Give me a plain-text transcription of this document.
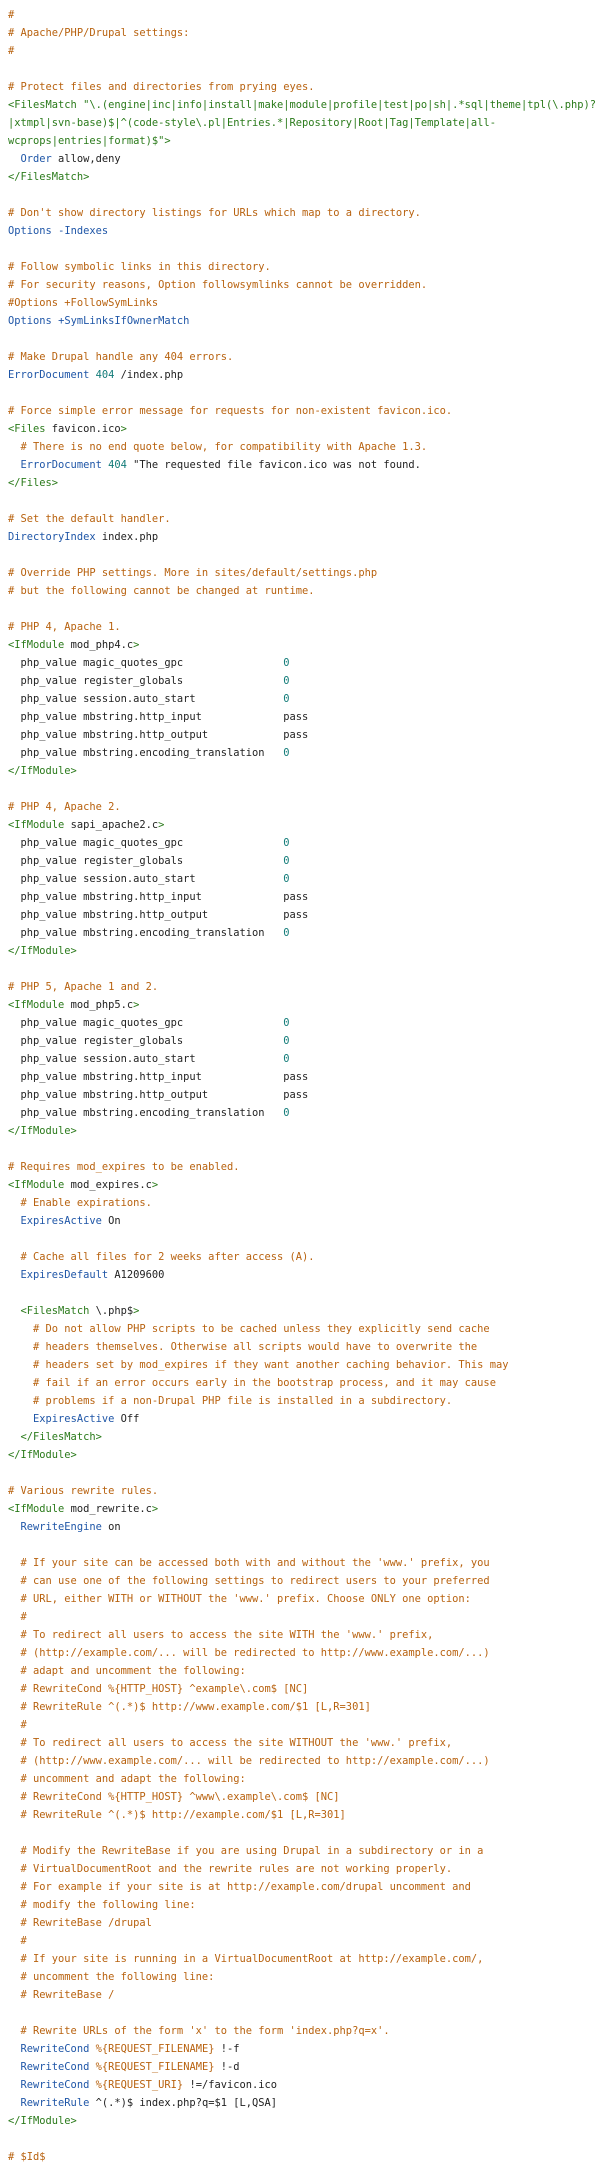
#
# Apache/PHP/Drupal settings:
#

# Protect files and directories from prying eyes.
<FilesMatch "\.(engine|inc|info|install|make|module|profile|test|po|sh|.*sql|theme|tpl(\.php)?
|xtmpl|svn-base)$|^(code-style\.pl|Entries.*|Repository|Root|Tag|Template|all-
wcprops|entries|format)$">
Order allow,deny
</FilesMatch>

# Don't show directory listings for URLs which map to a directory.
Options -Indexes

# Follow symbolic links in this directory.
# For security reasons, Option followsymlinks cannot be overridden.
#Options +FollowSymLinks
Options +SymLinksIfOwnerMatch

# Make Drupal handle any 404 errors.
ErrorDocument 404 /index.php

# Force simple error message for requests for non-existent favicon.ico.
<Files favicon.ico>
# There is no end quote below, for compatibility with Apache 1.3.
ErrorDocument 404 "The requested file favicon.ico was not found.
</Files>

# Set the default handler.
DirectoryIndex index.php

# Override PHP settings. More in sites/default/settings.php
# but the following cannot be changed at runtime.

# PHP 4, Apache 1.
<IfModule mod_php4.c>
php_value magic_quotes_gpc                0
php_value register_globals                0
php_value session.auto_start              0
php_value mbstring.http_input             pass
php_value mbstring.http_output            pass
php_value mbstring.encoding_translation   0
</IfModule>

# PHP 4, Apache 2.
<IfModule sapi_apache2.c>
php_value magic_quotes_gpc                0
php_value register_globals                0
php_value session.auto_start              0
php_value mbstring.http_input             pass
php_value mbstring.http_output            pass
php_value mbstring.encoding_translation   0
</IfModule>

# PHP 5, Apache 1 and 2.
<IfModule mod_php5.c>
php_value magic_quotes_gpc                0
php_value register_globals                0
php_value session.auto_start              0
php_value mbstring.http_input             pass
php_value mbstring.http_output            pass
php_value mbstring.encoding_translation   0
</IfModule>

# Requires mod_expires to be enabled.
<IfModule mod_expires.c>
# Enable expirations.
ExpiresActive On

# Cache all files for 2 weeks after access (A).
ExpiresDefault A1209600

<FilesMatch \.php$>
# Do not allow PHP scripts to be cached unless they explicitly send cache
# headers themselves. Otherwise all scripts would have to overwrite the
# headers set by mod_expires if they want another caching behavior. This may
# fail if an error occurs early in the bootstrap process, and it may cause
# problems if a non-Drupal PHP file is installed in a subdirectory.
ExpiresActive Off
</FilesMatch>
</IfModule>

# Various rewrite rules.
<IfModule mod_rewrite.c>
RewriteEngine on

# If your site can be accessed both with and without the 'www.' prefix, you
# can use one of the following settings to redirect users to your preferred
# URL, either WITH or WITHOUT the 'www.' prefix. Choose ONLY one option:
#
# To redirect all users to access the site WITH the 'www.' prefix,
# (http://example.com/... will be redirected to http://www.example.com/...)
# adapt and uncomment the following:
# RewriteCond %{HTTP_HOST} ^example\.com$ [NC]
# RewriteRule ^(.*)$ http://www.example.com/$1 [L,R=301]
#
# To redirect all users to access the site WITHOUT the 'www.' prefix,
# (http://www.example.com/... will be redirected to http://example.com/...)
# uncomment and adapt the following:
# RewriteCond %{HTTP_HOST} ^www\.example\.com$ [NC]
# RewriteRule ^(.*)$ http://example.com/$1 [L,R=301]

# Modify the RewriteBase if you are using Drupal in a subdirectory or in a
# VirtualDocumentRoot and the rewrite rules are not working properly.
# For example if your site is at http://example.com/drupal uncomment and
# modify the following line:
# RewriteBase /drupal
#
# If your site is running in a VirtualDocumentRoot at http://example.com/,
# uncomment the following line:
# RewriteBase /

# Rewrite URLs of the form 'x' to the form 'index.php?q=x'.
RewriteCond %{REQUEST_FILENAME} !-f
RewriteCond %{REQUEST_FILENAME} !-d
RewriteCond %{REQUEST_URI} !=/favicon.ico
RewriteRule ^(.*)$ index.php?q=$1 [L,QSA]
</IfModule>

# $Id$
